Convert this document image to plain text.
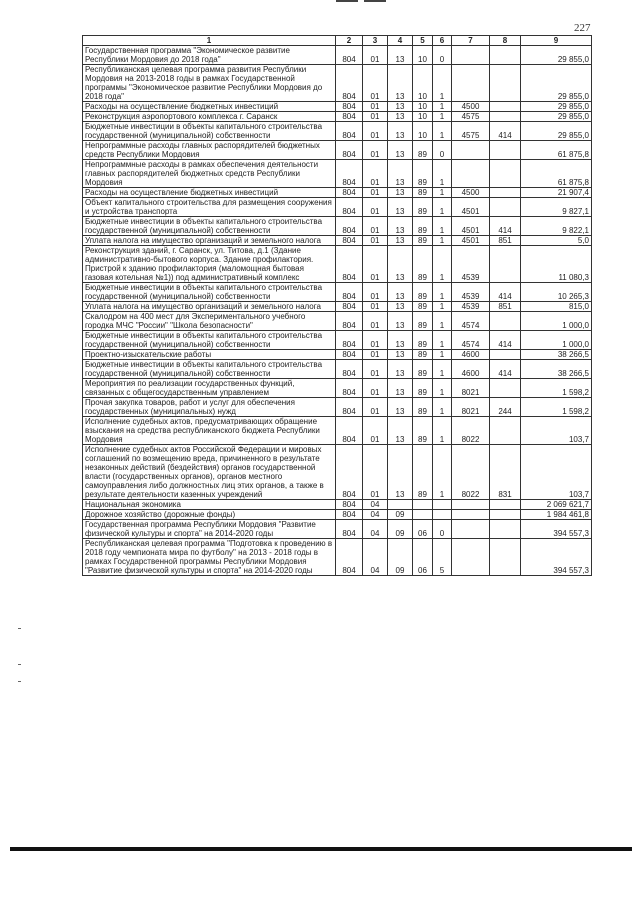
227
1	2	3	4	5	6	7	8	9
Государственная программа "Экономическое развитие Республики Мордовия до 2018 года"	804	01	13	10	0			29 855,0
Республиканская целевая программа развития Республики Мордовия на 2013-2018 годы в рамках Государственной программы "Экономическое развитие Республики Мордовия до 2018 года"	804	01	13	10	1			29 855,0
Расходы на осуществление бюджетных инвестиций	804	01	13	10	1	4500		29 855,0
Реконструкция аэропортового комплекса г. Саранск	804	01	13	10	1	4575		29 855,0
Бюджетные инвестиции в объекты капитального строительства государственной (муниципальной) собственности	804	01	13	10	1	4575	414	29 855,0
Непрограммные расходы главных распорядителей бюджетных средств Республики Мордовия	804	01	13	89	0			61 875,8
Непрограммные расходы в рамках обеспечения деятельности главных распорядителей бюджетных средств Республики Мордовия	804	01	13	89	1			61 875,8
Расходы на осуществление бюджетных инвестиций	804	01	13	89	1	4500		21 907,4
Объект капитального строительства для размещения сооружения и устройства транспорта	804	01	13	89	1	4501		9 827,1
Бюджетные инвестиции в объекты капитального строительства государственной (муниципальной) собственности	804	01	13	89	1	4501	414	9 822,1
Уплата налога на имущество организаций и земельного налога	804	01	13	89	1	4501	851	5,0
Реконструкция зданий, г. Саранск, ул. Титова, д.1 (Здание административно-бытового корпуса. Здание профилактория. Пристрой к зданию профилактория (маломощная бытовая газовая котельная №1)) под административный комплекс	804	01	13	89	1	4539		11 080,3
Бюджетные инвестиции в объекты капитального строительства государственной (муниципальной) собственности	804	01	13	89	1	4539	414	10 265,3
Уплата налога на имущество организаций и земельного налога	804	01	13	89	1	4539	851	815,0
Скалодром на 400 мест для Экспериментального учебного городка МЧС "России" "Школа безопасности"	804	01	13	89	1	4574		1 000,0
Бюджетные инвестиции в объекты капитального строительства государственной (муниципальной) собственности	804	01	13	89	1	4574	414	1 000,0
Проектно-изыскательские работы	804	01	13	89	1	4600		38 266,5
Бюджетные инвестиции в объекты капитального строительства государственной (муниципальной) собственности	804	01	13	89	1	4600	414	38 266,5
Мероприятия по реализации государственных функций, связанных с общегосударственным управлением	804	01	13	89	1	8021		1 598,2
Прочая закупка товаров, работ и услуг для обеспечения государственных (муниципальных) нужд	804	01	13	89	1	8021	244	1 598,2
Исполнение судебных актов, предусматривающих обращение взыскания на средства республиканского бюджета Республики Мордовия	804	01	13	89	1	8022		103,7
Исполнение судебных актов Российской Федерации и мировых соглашений по возмещению вреда, причиненного в результате незаконных действий (бездействия) органов государственной власти (государственных органов), органов местного самоуправления либо должностных лиц этих органов, а также в результате деятельности казенных учреждений	804	01	13	89	1	8022	831	103,7
Национальная экономика	804	04						2 069 621,7
Дорожное хозяйство (дорожные фонды)	804	04	09					1 984 461,8
Государственная программа Республики Мордовия "Развитие физической культуры и спорта" на 2014-2020 годы	804	04	09	06	0			394 557,3
Республиканская целевая программа "Подготовка к проведению в 2018 году чемпионата мира по футболу" на 2013 - 2018 годы в рамках Государственной программы Республики Мордовия "Развитие физической культуры и спорта" на 2014-2020 годы	804	04	09	06	5			394 557,3
